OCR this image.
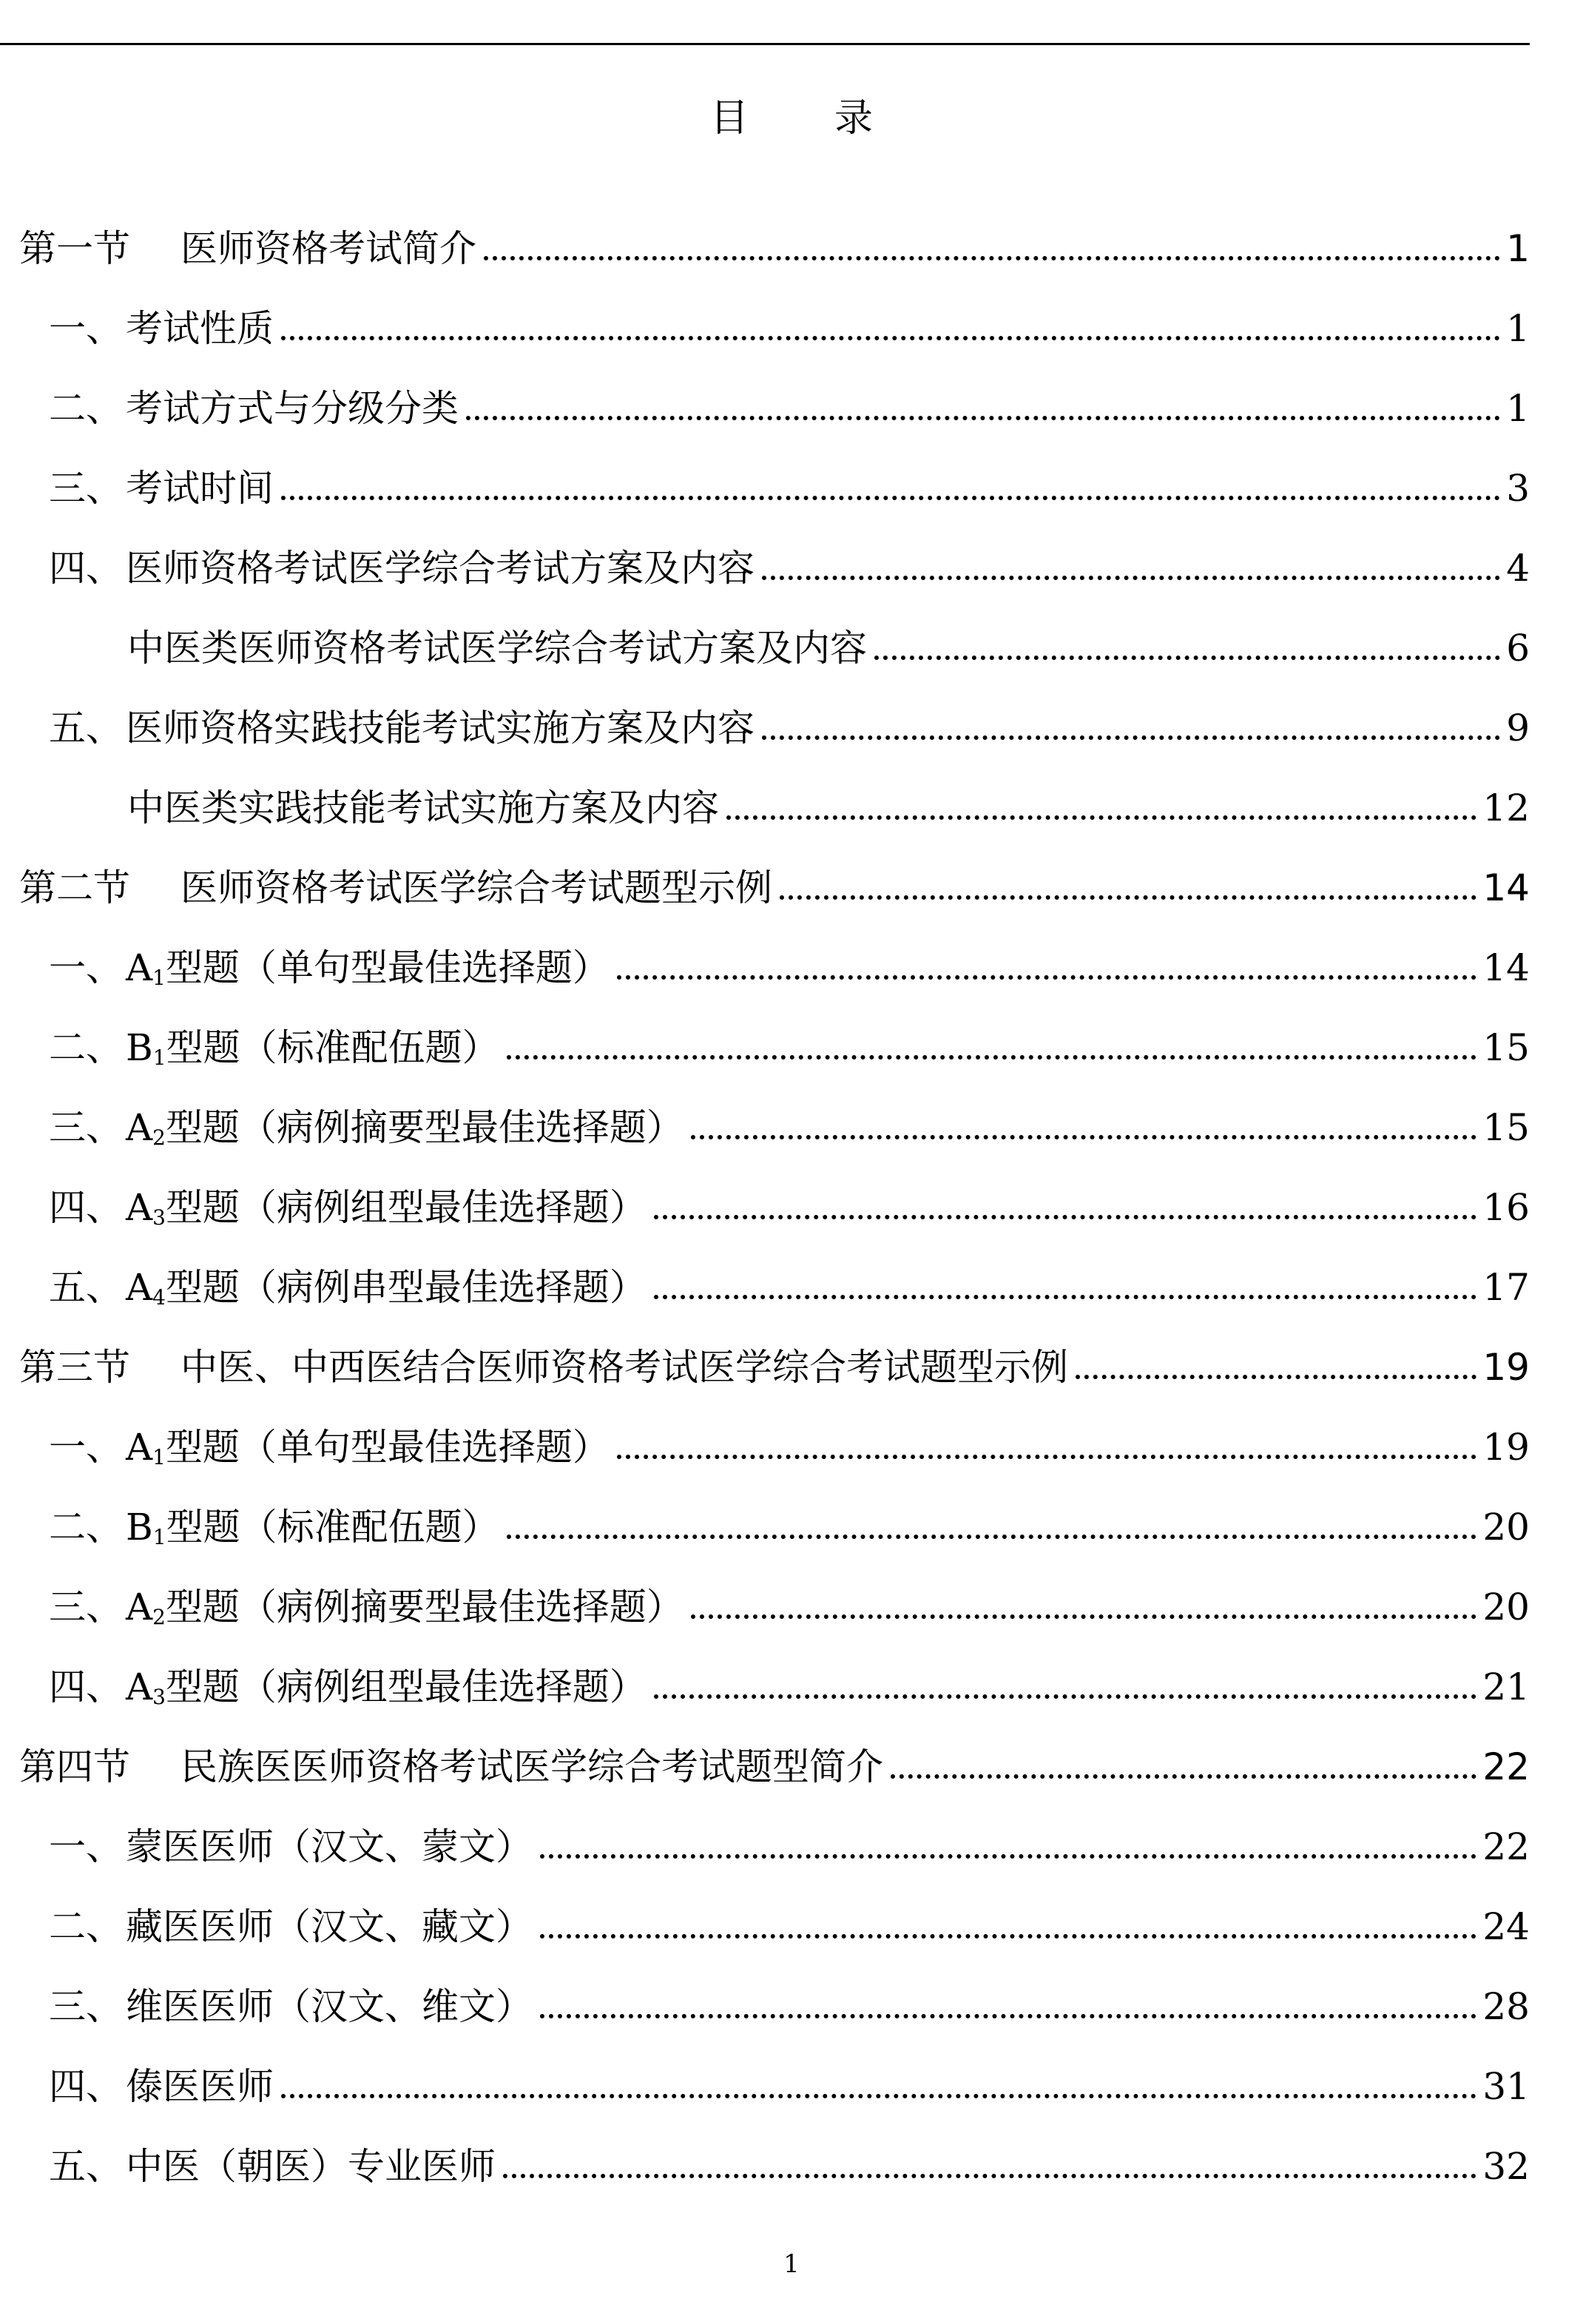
目 录
第一节 医师资格考试简介	1
一、考试性质	1
二、考试方式与分级分类	1
三、考试时间	3
四、医师资格考试医学综合考试方案及内容	4
中医类医师资格考试医学综合考试方案及内容	6
五、医师资格实践技能考试实施方案及内容	9
中医类实践技能考试实施方案及内容	12
第二节 医师资格考试医学综合考试题型示例	14
一、$A_1$型题（单句型最佳选择题）	14
二、$B_1$型题（标准配伍题）	15
三、$A_2$型题（病例摘要型最佳选择题）	15
四、$A_3$型题（病例组型最佳选择题）	16
五、$A_4$型题（病例串型最佳选择题）	17
第三节 中医、中西医结合医师资格考试医学综合考试题型示例	19
一、$A_1$型题（单句型最佳选择题）	19
二、$B_1$型题（标准配伍题）	20
三、$A_2$型题（病例摘要型最佳选择题）	20
四、$A_3$型题（病例组型最佳选择题）	21
第四节 民族医医师资格考试医学综合考试题型简介	22
一、蒙医医师（汉文、蒙文）	22
二、藏医医师（汉文、藏文）	24
三、维医医师（汉文、维文）	28
四、傣医医师	31
五、中医（朝医）专业医师	32
1
